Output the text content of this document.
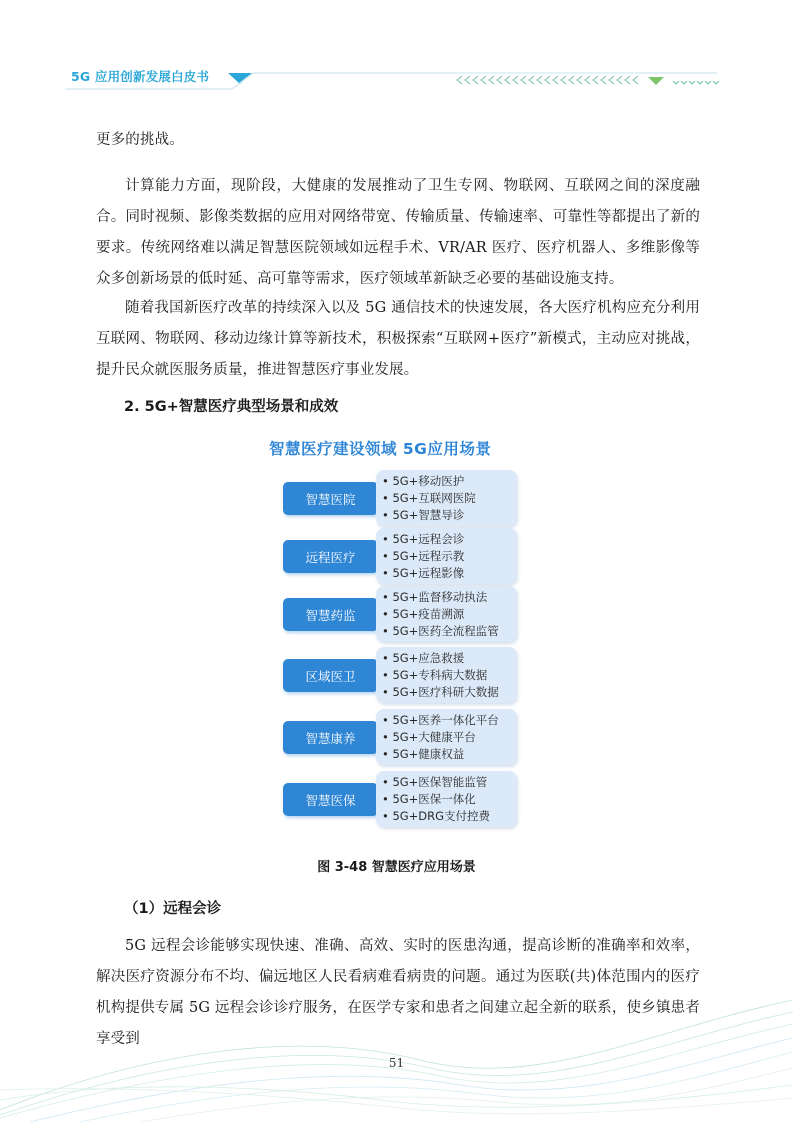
5G 应用创新发展白皮书

更多的挑战。

计算能力方面，现阶段，大健康的发展推动了卫生专网、物联网、互联网之间的深度融合。同时视频、影像类数据的应用对网络带宽、传输质量、传输速率、可靠性等都提出了新的要求。传统网络难以满足智慧医院领域如远程手术、VR/AR 医疗、医疗机器人、多维影像等众多创新场景的低时延、高可靠等需求，医疗领域革新缺乏必要的基础设施支持。

随着我国新医疗改革的持续深入以及 5G 通信技术的快速发展，各大医疗机构应充分利用互联网、物联网、移动边缘计算等新技术，积极探索“互联网+医疗”新模式，主动应对挑战，提升民众就医服务质量，推进智慧医疗事业发展。

2. 5G+智慧医疗典型场景和成效
智慧医疗建设领域 5G应用场景
智慧医院
• 5G+移动医护
• 5G+互联网医院
• 5G+智慧导诊
远程医疗
• 5G+远程会诊
• 5G+远程示教
• 5G+远程影像
智慧药监
• 5G+监督移动执法
• 5G+疫苗溯源
• 5G+医药全流程监管
区域医卫
• 5G+应急救援
• 5G+专科病大数据
• 5G+医疗科研大数据
智慧康养
• 5G+医养一体化平台
• 5G+大健康平台
• 5G+健康权益
智慧医保
• 5G+医保智能监管
• 5G+医保一体化
• 5G+DRG支付控费
图 3-48 智慧医疗应用场景
（1）远程会诊

5G 远程会诊能够实现快速、准确、高效、实时的医患沟通，提高诊断的准确率和效率，解决医疗资源分布不均、偏远地区人民看病难看病贵的问题。通过为医联(共)体范围内的医疗机构提供专属 5G 远程会诊诊疗服务，在医学专家和患者之间建立起全新的联系，使乡镇患者享受到

51
